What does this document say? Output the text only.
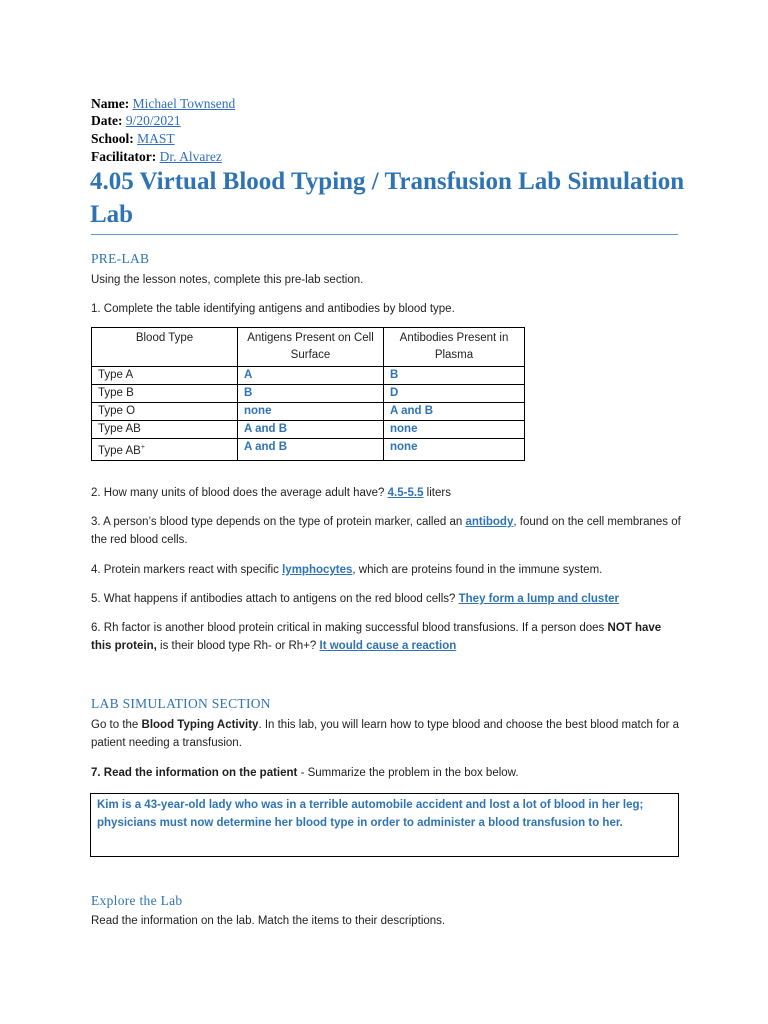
Name: Michael Townsend
Date: 9/20/2021
School: MAST
Facilitator: Dr. Alvarez
4.05 Virtual Blood Typing / Transfusion Lab Simulation Lab
PRE-LAB
Using the lesson notes, complete this pre-lab section.
1. Complete the table identifying antigens and antibodies by blood type.
Blood Type	Antigens Present on Cell Surface	Antibodies Present in Plasma
Type A	A	B
Type B	B	D
Type O	none	A and B
Type AB	A and B	none
Type AB+	A and B	none
2. How many units of blood does the average adult have? 4.5-5.5 liters
3. A person’s blood type depends on the type of protein marker, called an antibody, found on the cell membranes of the red blood cells.
4. Protein markers react with specific lymphocytes, which are proteins found in the immune system.
5. What happens if antibodies attach to antigens on the red blood cells? They form a lump and cluster
6. Rh factor is another blood protein critical in making successful blood transfusions. If a person does NOT have this protein, is their blood type Rh- or Rh+? It would cause a reaction
LAB SIMULATION SECTION
Go to the Blood Typing Activity. In this lab, you will learn how to type blood and choose the best blood match for a patient needing a transfusion.
7. Read the information on the patient - Summarize the problem in the box below.
Kim is a 43-year-old lady who was in a terrible automobile accident and lost a lot of blood in her leg; physicians must now determine her blood type in order to administer a blood transfusion to her.
Explore the Lab
Read the information on the lab. Match the items to their descriptions.
